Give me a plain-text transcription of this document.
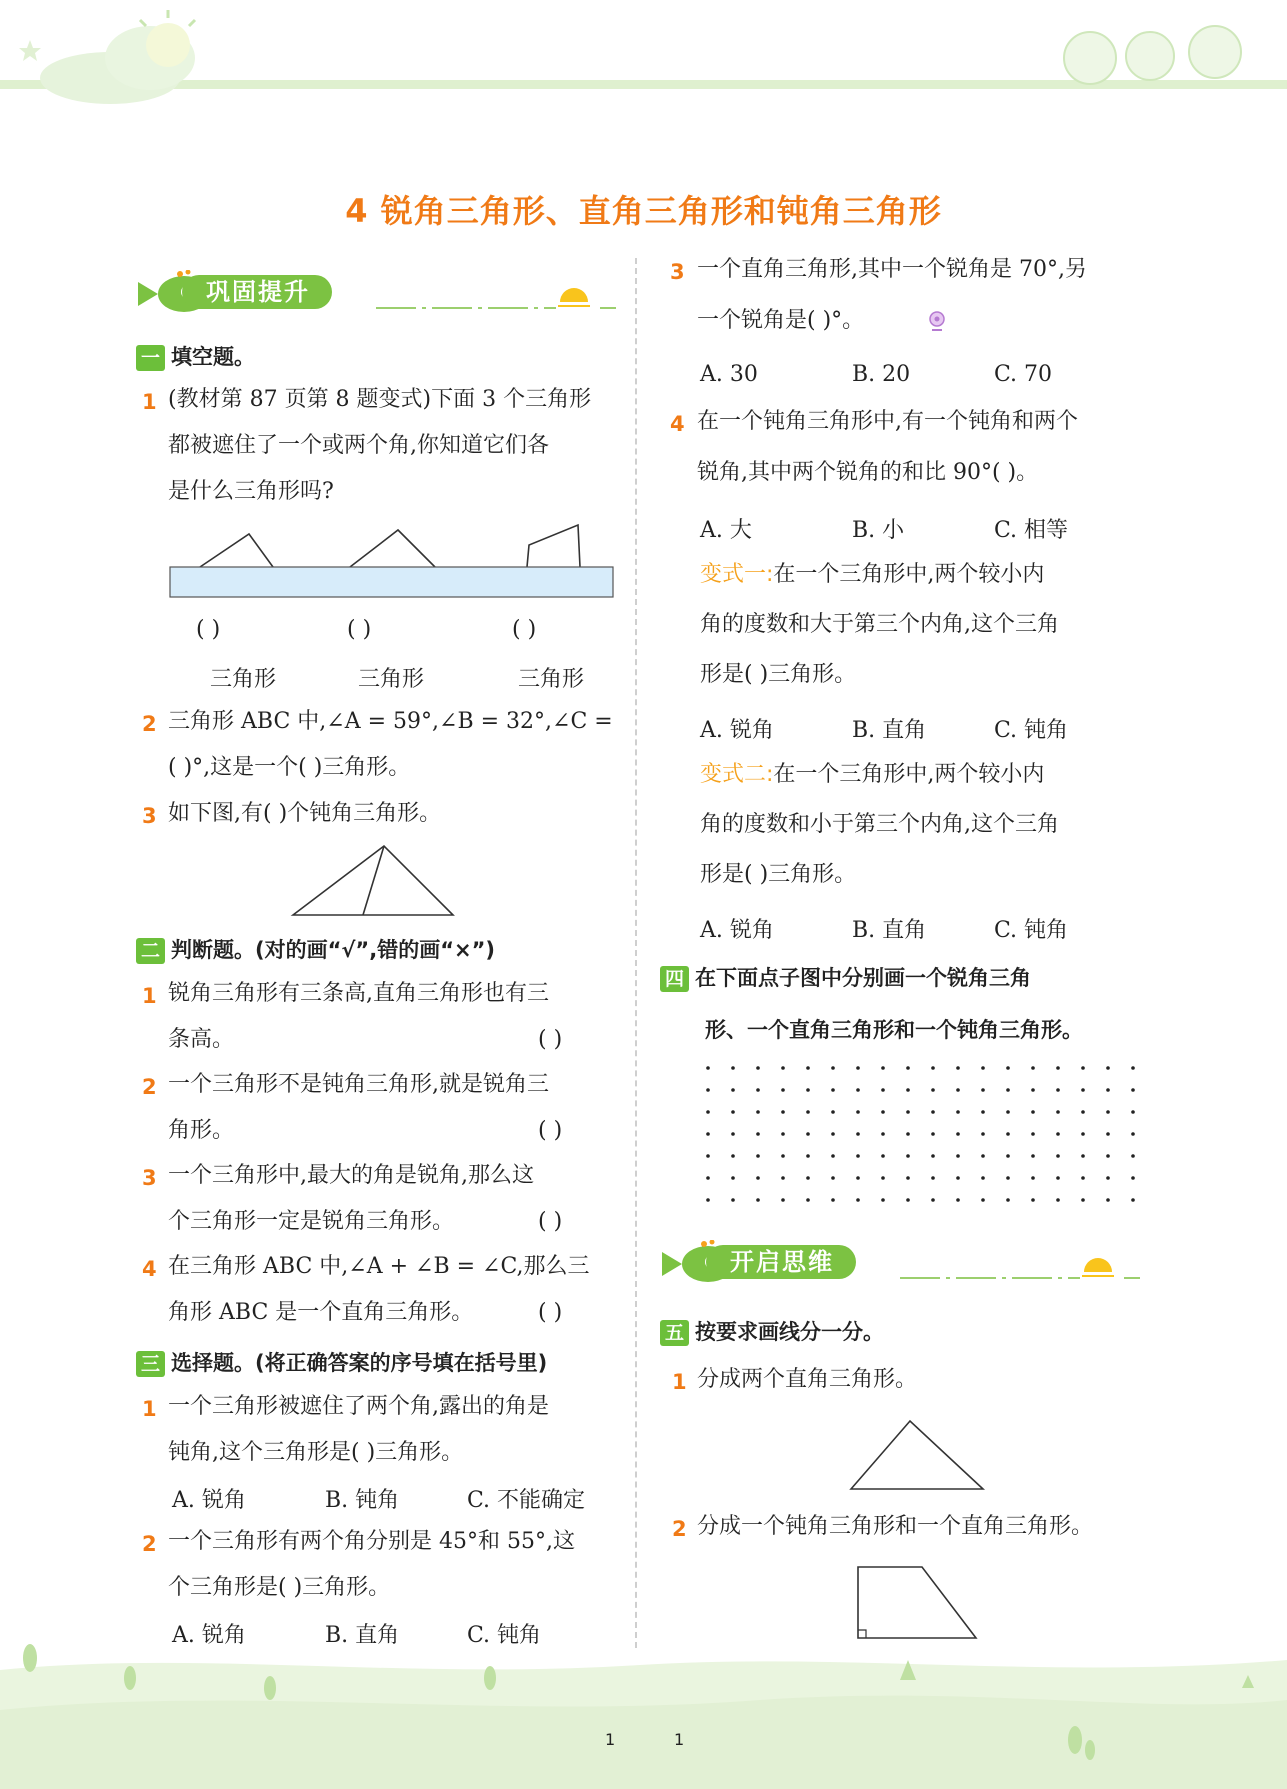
4 锐角三角形、直角三角形和钝角三角形
巩固提升
开启思维
一 填空题。
1 (教材第 87 页第 8 题变式)下面 3 个三角形
都被遮住了一个或两个角,你知道它们各
是什么三角形吗?
( )	( )	( )
三角形	三角形	三角形
2 三角形 ABC 中,∠A = 59°,∠B = 32°,∠C =
( )°,这是一个( )三角形。
3 如下图,有( )个钝角三角形。
二 判断题。(对的画“√”,错的画“×”)
1 锐角三角形有三条高,直角三角形也有三
条高。	( )
2 一个三角形不是钝角三角形,就是锐角三
角形。	( )
3 一个三角形中,最大的角是锐角,那么这
个三角形一定是锐角三角形。	( )
4 在三角形 ABC 中,∠A + ∠B = ∠C,那么三
角形 ABC 是一个直角三角形。	( )
三 选择题。(将正确答案的序号填在括号里)
1 一个三角形被遮住了两个角,露出的角是
钝角,这个三角形是( )三角形。
A. 锐角	B. 钝角	C. 不能确定
2 一个三角形有两个角分别是 45°和 55°,这
个三角形是( )三角形。
A. 锐角	B. 直角	C. 钝角
3 一个直角三角形,其中一个锐角是 70°,另
一个锐角是( )°。
A. 30	B. 20	C. 70
4 在一个钝角三角形中,有一个钝角和两个
锐角,其中两个锐角的和比 90°( )。
A. 大	B. 小	C. 相等
变式一:在一个三角形中,两个较小内
角的度数和大于第三个内角,这个三角
形是( )三角形。
A. 锐角	B. 直角	C. 钝角
变式二:在一个三角形中,两个较小内
角的度数和小于第三个内角,这个三角
形是( )三角形。
A. 锐角	B. 直角	C. 钝角
四 在下面点子图中分别画一个锐角三角
形、一个直角三角形和一个钝角三角形。
五 按要求画线分一分。
1 分成两个直角三角形。
2 分成一个钝角三角形和一个直角三角形。
1	1
